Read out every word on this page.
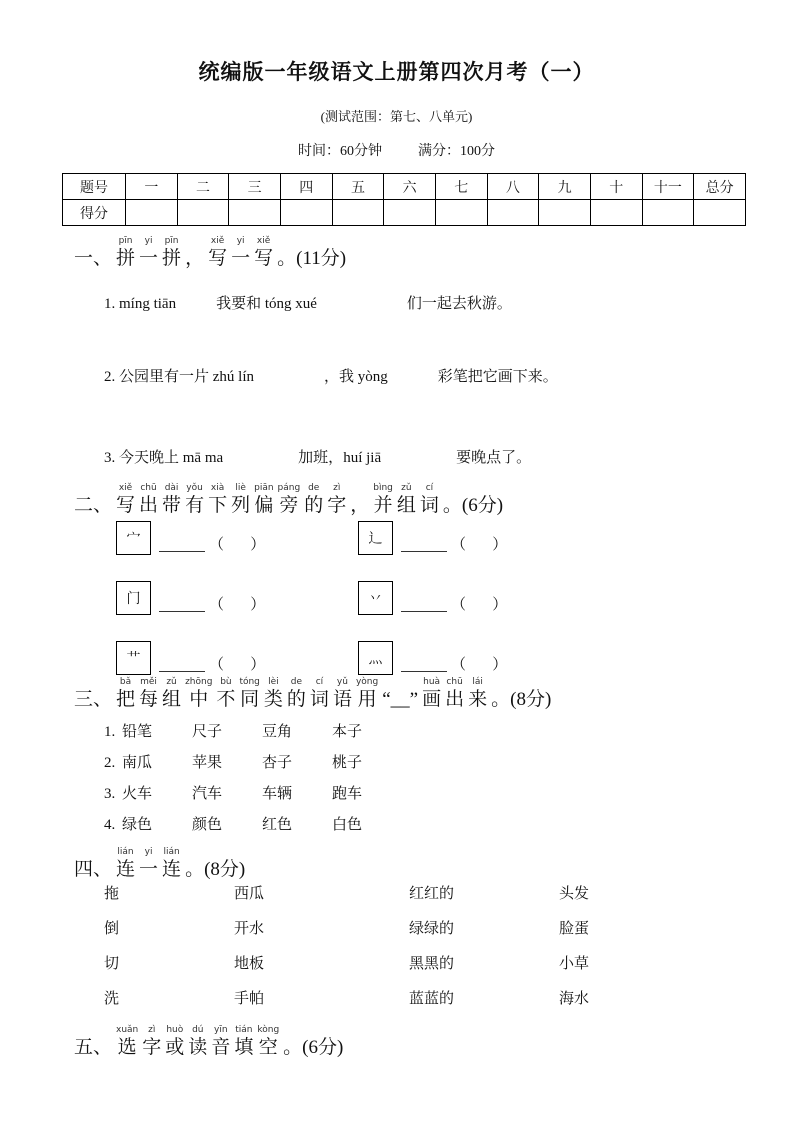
统编版一年级语文上册第四次月考（一）
(测试范围：第七、八单元)
时间：60分钟	满分：100分
题号	一	二	三	四	五	六	七	八	九	十	十一	总分
得分												
一、
pīn
拼
yi
一
pīn
拼 ，
xiě
写
yi
一
xiě
写 。(11分)
1. míng tiān	我要和 tóng xué	们一起去秋游。
2. 公园里有一片 zhú lín	，我 yòng	彩笔把它画下来。
3. 今天晚上 mā ma	加班，huí jiā	要晚点了。
二、
xiě
写
chū
出
dài
带
yǒu
有
xià
下
liè
列
piān
偏
páng
旁
de
的
zì
字 ，
bìng
并
zǔ
组
cí
词 。(6分)
宀	（       ）	辶	（       ）
门	（       ）	丷	（       ）
艹	（       ）	灬	（       ）
三、
bǎ
把
měi
每
zǔ
组
zhōng
中
bù
不
tóng
同
lèi
类
de
的
cí
词
yǔ
语
yòng
用 “__”
huà
画
chū
出
lái
来 。(8分)
1. 铅笔	尺子	豆角	本子
2. 南瓜	苹果	杏子	桃子
3. 火车	汽车	车辆	跑车
4. 绿色	颜色	红色	白色
四、
lián
连
yi
一
lián
连 。(8分)
拖	西瓜	红红的	头发
倒	开水	绿绿的	脸蛋
切	地板	黑黑的	小草
洗	手帕	蓝蓝的	海水
五、
xuǎn
选
zì
字
huò
或
dú
读
yīn
音
tián
填
kòng
空 。(6分)
